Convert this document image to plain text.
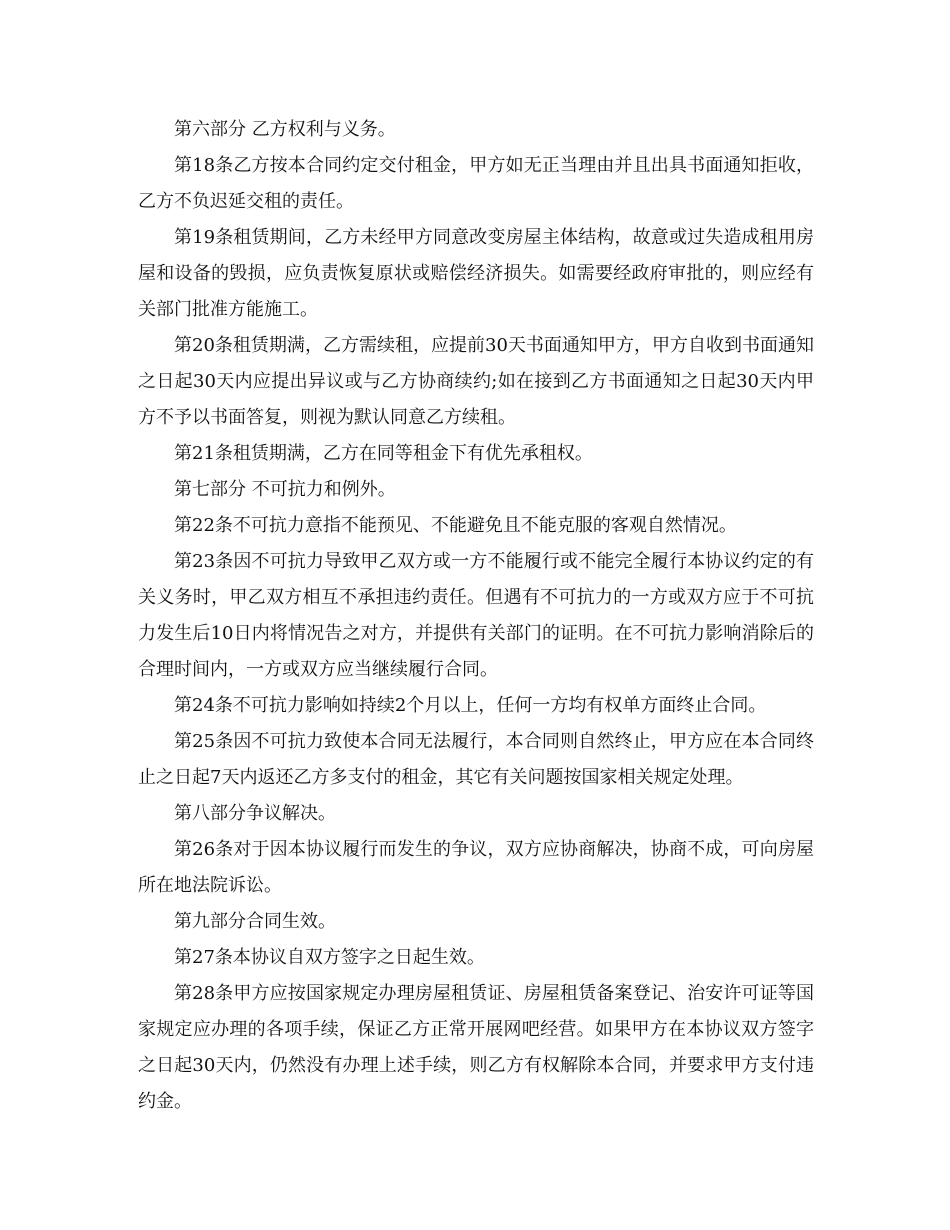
第六部分 乙方权利与义务。

第18条乙方按本合同约定交付租金，甲方如无正当理由并且出具书面通知拒收，乙方不负迟延交租的责任。

第19条租赁期间，乙方未经甲方同意改变房屋主体结构，故意或过失造成租用房屋和设备的毁损，应负责恢复原状或赔偿经济损失。如需要经政府审批的，则应经有关部门批准方能施工。

第20条租赁期满，乙方需续租，应提前30天书面通知甲方，甲方自收到书面通知之日起30天内应提出异议或与乙方协商续约;如在接到乙方书面通知之日起30天内甲方不予以书面答复，则视为默认同意乙方续租。

第21条租赁期满，乙方在同等租金下有优先承租权。

第七部分 不可抗力和例外。

第22条不可抗力意指不能预见、不能避免且不能克服的客观自然情况。

第23条因不可抗力导致甲乙双方或一方不能履行或不能完全履行本协议约定的有关义务时，甲乙双方相互不承担违约责任。但遇有不可抗力的一方或双方应于不可抗力发生后10日内将情况告之对方，并提供有关部门的证明。在不可抗力影响消除后的合理时间内，一方或双方应当继续履行合同。

第24条不可抗力影响如持续2个月以上，任何一方均有权单方面终止合同。

第25条因不可抗力致使本合同无法履行，本合同则自然终止，甲方应在本合同终止之日起7天内返还乙方多支付的租金，其它有关问题按国家相关规定处理。

第八部分争议解决。

第26条对于因本协议履行而发生的争议，双方应协商解决，协商不成，可向房屋所在地法院诉讼。

第九部分合同生效。

第27条本协议自双方签字之日起生效。

第28条甲方应按国家规定办理房屋租赁证、房屋租赁备案登记、治安许可证等国家规定应办理的各项手续，保证乙方正常开展网吧经营。如果甲方在本协议双方签字之日起30天内，仍然没有办理上述手续，则乙方有权解除本合同，并要求甲方支付违约金。
